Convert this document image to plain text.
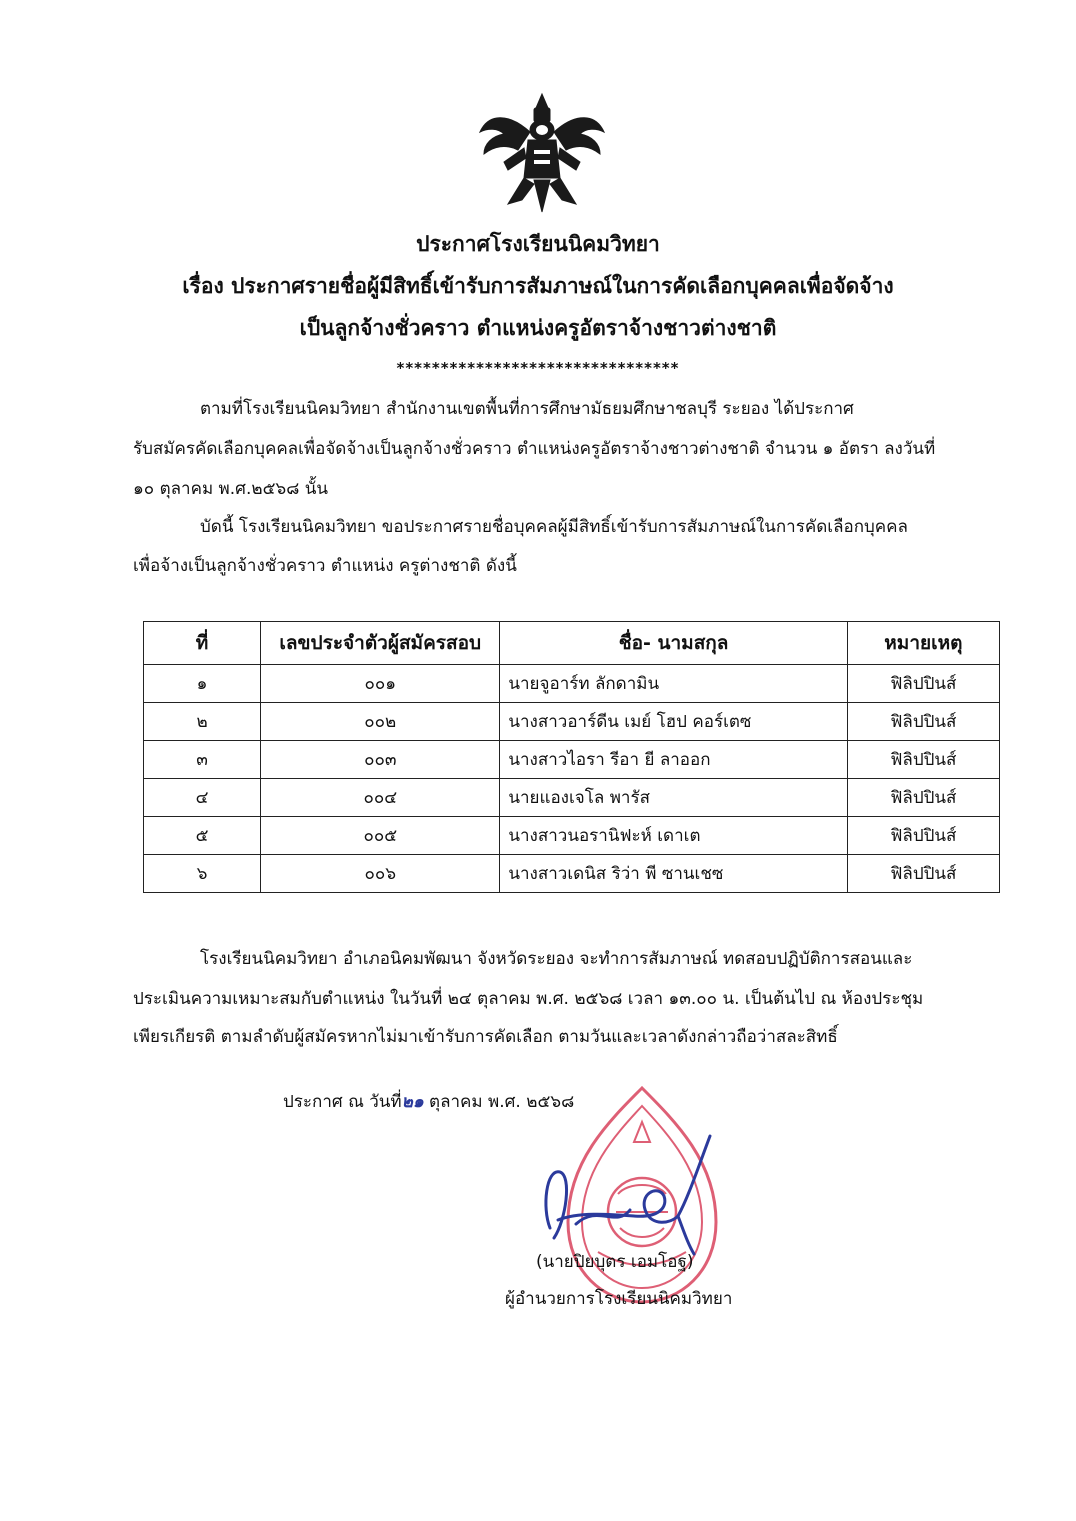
ประกาศโรงเรียนนิคมวิทยา
เรื่อง ประกาศรายชื่อผู้มีสิทธิ์เข้ารับการสัมภาษณ์ในการคัดเลือกบุคคลเพื่อจัดจ้าง
เป็นลูกจ้างชั่วคราว ตำแหน่งครูอัตราจ้างชาวต่างชาติ
********************************
ตามที่โรงเรียนนิคมวิทยา สำนักงานเขตพื้นที่การศึกษามัธยมศึกษาชลบุรี ระยอง ได้ประกาศ
รับสมัครคัดเลือกบุคคลเพื่อจัดจ้างเป็นลูกจ้างชั่วคราว ตำแหน่งครูอัตราจ้างชาวต่างชาติ จำนวน ๑ อัตรา ลงวันที่
๑๐ ตุลาคม พ.ศ.๒๕๖๘ นั้น
บัดนี้ โรงเรียนนิคมวิทยา ขอประกาศรายชื่อบุคคลผู้มีสิทธิ์เข้ารับการสัมภาษณ์ในการคัดเลือกบุคคล
เพื่อจ้างเป็นลูกจ้างชั่วคราว ตำแหน่ง ครูต่างชาติ ดังนี้
ที่	เลขประจำตัวผู้สมัครสอบ	ชื่อ- นามสกุล	หมายเหตุ
๑	๐๐๑	นายจูอาร์ท ลักดามิน	ฟิลิปปินส์
๒	๐๐๒	นางสาวอาร์ดีน เมย์ โฮป คอร์เตซ	ฟิลิปปินส์
๓	๐๐๓	นางสาวไอรา รีอา ยี ลาออก	ฟิลิปปินส์
๔	๐๐๔	นายแองเจโล พารัส	ฟิลิปปินส์
๕	๐๐๕	นางสาวนอรานิฟะห์ เดาเต	ฟิลิปปินส์
๖	๐๐๖	นางสาวเดนิส ริว่า พี ซานเชซ	ฟิลิปปินส์
โรงเรียนนิคมวิทยา อำเภอนิคมพัฒนา จังหวัดระยอง จะทำการสัมภาษณ์ ทดสอบปฏิบัติการสอนและ
ประเมินความเหมาะสมกับตำแหน่ง ในวันที่ ๒๔ ตุลาคม พ.ศ. ๒๕๖๘ เวลา ๑๓.๐๐ น. เป็นต้นไป ณ ห้องประชุม
เพียรเกียรติ ตามลำดับผู้สมัครหากไม่มาเข้ารับการคัดเลือก ตามวันและเวลาดังกล่าวถือว่าสละสิทธิ์
ประกาศ ณ วันที่๒๑ ตุลาคม พ.ศ. ๒๕๖๘
(นายปิยบุตร เอมโอฐ)
ผู้อำนวยการโรงเรียนนิคมวิทยา
